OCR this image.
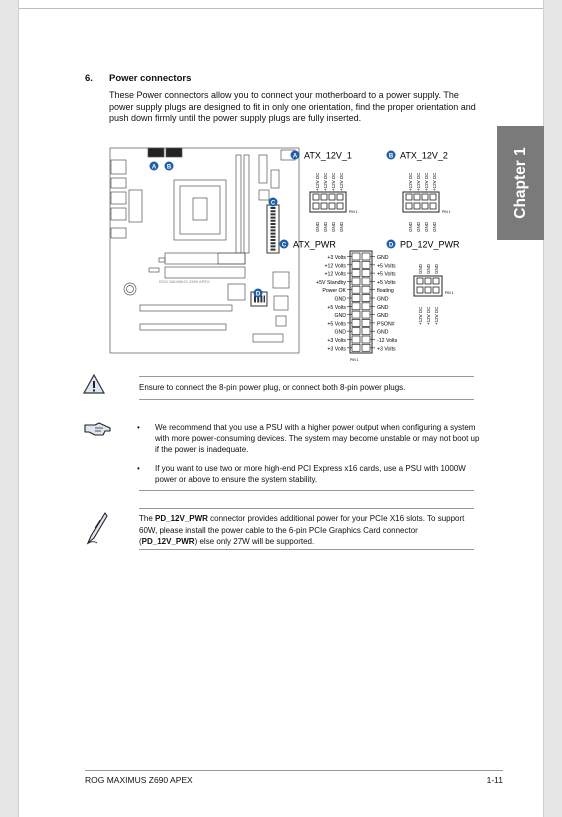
Chapter 1
6. Power connectors
These Power connectors allow you to connect your motherboard to a power supply. The power supply plugs are designed to fit in only one orientation, find the proper orientation and push down firmly until the power supply plugs are fully inserted.
ROG MAXIMUS Z690 APEX
A B
C
D
A ATX_12V_1
+12V DC +12V DC +12V DC +12V DC
PIN 1
GND GND GND GND
B ATX_12V_2
+12V DC +12V DC +12V DC +12V DC
PIN 1
GND GND GND GND
C ATX_PWR
+3 Volts
+12 Volts
+12 Volts
+5V Standby
Power OK
GND
+5 Volts
GND
+5 Volts
GND
+3 Volts
+3 Volts
GND
+5 Volts
+5 Volts
+5 Volts
floating
GND
GND
GND
PSON#
GND
-12 Volts
+3 Volts
PIN 1
D PD_12V_PWR
GND GND GND
PIN 1
+12V DC +12V DC +12V DC
Ensure to connect the 8-pin power plug, or connect both 8-pin power plugs.
• We recommend that you use a PSU with a higher power output when configuring a system with more power-consuming devices. The system may become unstable or may not boot up if the power is inadequate.
• If you want to use two or more high-end PCI Express x16 cards, use a PSU with 1000W power or above to ensure the system stability.
The PD_12V_PWR connector provides additional power for your PCIe X16 slots. To support 60W, please install the power cable to the 6-pin PCIe Graphics Card connector (PD_12V_PWR) else only 27W will be supported.
ROG MAXIMUS Z690 APEX	1-11
